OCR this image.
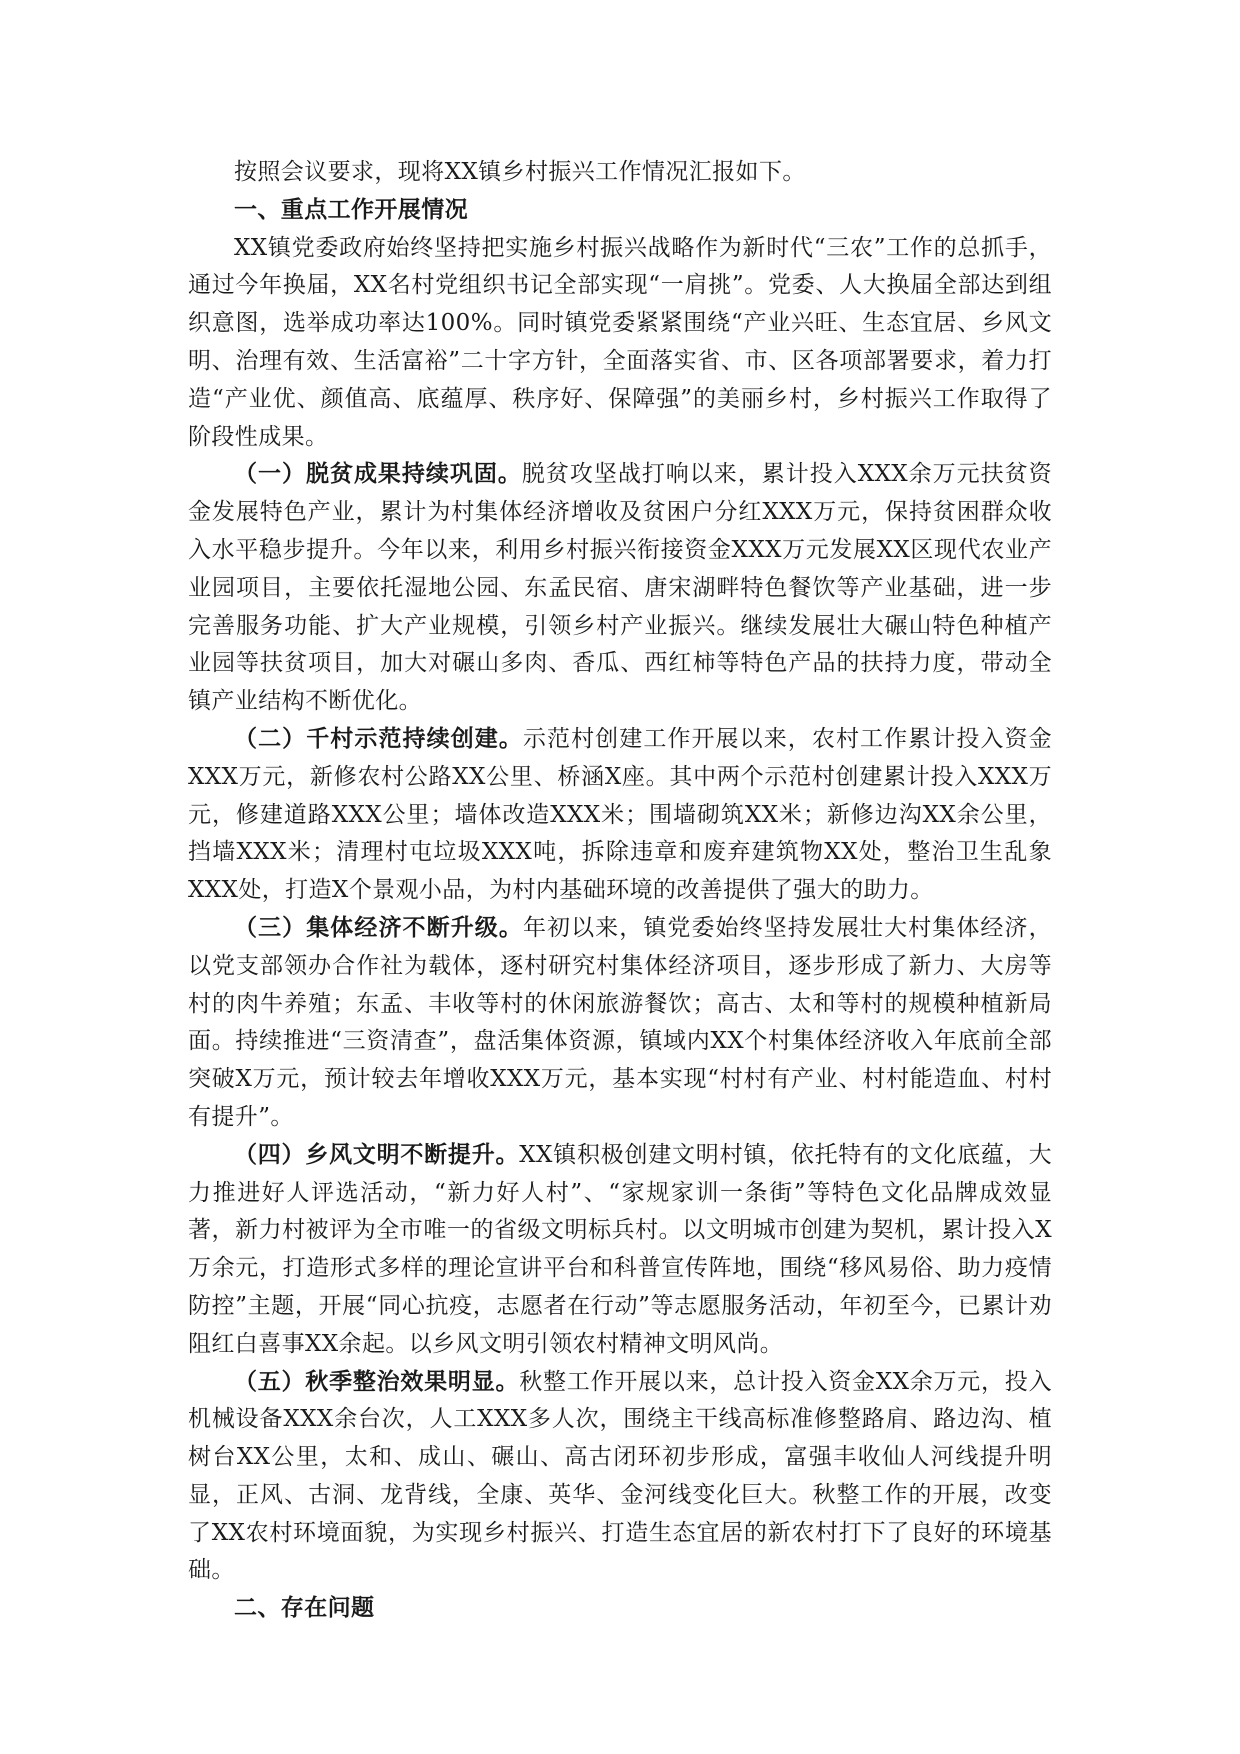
按照会议要求，现将XX镇乡村振兴工作情况汇报如下。

一、重点工作开展情况

XX镇党委政府始终坚持把实施乡村振兴战略作为新时代“三农”工作的总抓手，通过今年换届，XX名村党组织书记全部实现“一肩挑”。党委、人大换届全部达到组织意图，选举成功率达100%。同时镇党委紧紧围绕“产业兴旺、生态宜居、乡风文明、治理有效、生活富裕”二十字方针，全面落实省、市、区各项部署要求，着力打造“产业优、颜值高、底蕴厚、秩序好、保障强”的美丽乡村，乡村振兴工作取得了阶段性成果。

（一）脱贫成果持续巩固。脱贫攻坚战打响以来，累计投入XXX余万元扶贫资金发展特色产业，累计为村集体经济增收及贫困户分红XXX万元，保持贫困群众收入水平稳步提升。今年以来，利用乡村振兴衔接资金XXX万元发展XX区现代农业产业园项目，主要依托湿地公园、东孟民宿、唐宋湖畔特色餐饮等产业基础，进一步完善服务功能、扩大产业规模，引领乡村产业振兴。继续发展壮大碾山特色种植产业园等扶贫项目，加大对碾山多肉、香瓜、西红柿等特色产品的扶持力度，带动全镇产业结构不断优化。

（二）千村示范持续创建。示范村创建工作开展以来，农村工作累计投入资金XXX万元，新修农村公路XX公里、桥涵X座。其中两个示范村创建累计投入XXX万元，修建道路XXX公里；墙体改造XXX米；围墙砌筑XX米；新修边沟XX余公里，挡墙XXX米；清理村屯垃圾XXX吨，拆除违章和废弃建筑物XX处，整治卫生乱象XXX处，打造X个景观小品，为村内基础环境的改善提供了强大的助力。

（三）集体经济不断升级。年初以来，镇党委始终坚持发展壮大村集体经济，以党支部领办合作社为载体，逐村研究村集体经济项目，逐步形成了新力、大房等村的肉牛养殖；东孟、丰收等村的休闲旅游餐饮；高古、太和等村的规模种植新局面。持续推进“三资清查”，盘活集体资源，镇域内XX个村集体经济收入年底前全部突破X万元，预计较去年增收XXX万元，基本实现“村村有产业、村村能造血、村村有提升”。

（四）乡风文明不断提升。XX镇积极创建文明村镇，依托特有的文化底蕴，大力推进好人评选活动，“新力好人村”、“家规家训一条街”等特色文化品牌成效显著，新力村被评为全市唯一的省级文明标兵村。以文明城市创建为契机，累计投入X万余元，打造形式多样的理论宣讲平台和科普宣传阵地，围绕“移风易俗、助力疫情防控”主题，开展“同心抗疫，志愿者在行动”等志愿服务活动，年初至今，已累计劝阻红白喜事XX余起。以乡风文明引领农村精神文明风尚。

（五）秋季整治效果明显。秋整工作开展以来，总计投入资金XX余万元，投入机械设备XXX余台次，人工XXX多人次，围绕主干线高标准修整路肩、路边沟、植树台XX公里，太和、成山、碾山、高古闭环初步形成，富强丰收仙人河线提升明显，正风、古洞、龙背线，全康、英华、金河线变化巨大。秋整工作的开展，改变了XX农村环境面貌，为实现乡村振兴、打造生态宜居的新农村打下了良好的环境基础。

二、存在问题
